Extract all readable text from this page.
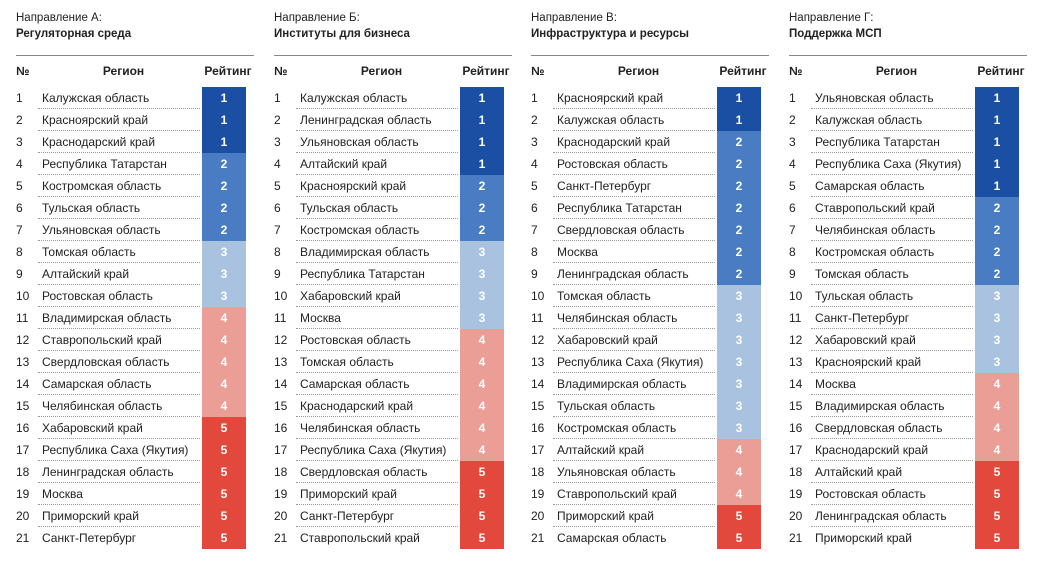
Направление А:
Регуляторная среда
№	Регион	Рейтинг
1	Калужская область	1
2	Красноярский край	1
3	Краснодарский край	1
4	Республика Татарстан	2
5	Костромская область	2
6	Тульская область	2
7	Ульяновская область	2
8	Томская область	3
9	Алтайский край	3
10	Ростовская область	3
11	Владимирская область	4
12	Ставропольский край	4
13	Свердловская область	4
14	Самарская область	4
15	Челябинская область	4
16	Хабаровский край	5
17	Республика Саха (Якутия)	5
18	Ленинградская область	5
19	Москва	5
20	Приморский край	5
21	Санкт-Петербург	5
Направление Б:
Институты для бизнеса
№	Регион	Рейтинг
1	Калужская область	1
2	Ленинградская область	1
3	Ульяновская область	1
4	Алтайский край	1
5	Красноярский край	2
6	Тульская область	2
7	Костромская область	2
8	Владимирская область	3
9	Республика Татарстан	3
10	Хабаровский край	3
11	Москва	3
12	Ростовская область	4
13	Томская область	4
14	Самарская область	4
15	Краснодарский край	4
16	Челябинская область	4
17	Республика Саха (Якутия)	4
18	Свердловская область	5
19	Приморский край	5
20	Санкт-Петербург	5
21	Ставропольский край	5
Направление В:
Инфраструктура и ресурсы
№	Регион	Рейтинг
1	Красноярский край	1
2	Калужская область	1
3	Краснодарский край	2
4	Ростовская область	2
5	Санкт-Петербург	2
6	Республика Татарстан	2
7	Свердловская область	2
8	Москва	2
9	Ленинградская область	2
10	Томская область	3
11	Челябинская область	3
12	Хабаровский край	3
13	Республика Саха (Якутия)	3
14	Владимирская область	3
15	Тульская область	3
16	Костромская область	3
17	Алтайский край	4
18	Ульяновская область	4
19	Ставропольский край	4
20	Приморский край	5
21	Самарская область	5
Направление Г:
Поддержка МСП
№	Регион	Рейтинг
1	Ульяновская область	1
2	Калужская область	1
3	Республика Татарстан	1
4	Республика Саха (Якутия)	1
5	Самарская область	1
6	Ставропольский край	2
7	Челябинская область	2
8	Костромская область	2
9	Томская область	2
10	Тульская область	3
11	Санкт-Петербург	3
12	Хабаровский край	3
13	Красноярский край	3
14	Москва	4
15	Владимирская область	4
16	Свердловская область	4
17	Краснодарский край	4
18	Алтайский край	5
19	Ростовская область	5
20	Ленинградская область	5
21	Приморский край	5
